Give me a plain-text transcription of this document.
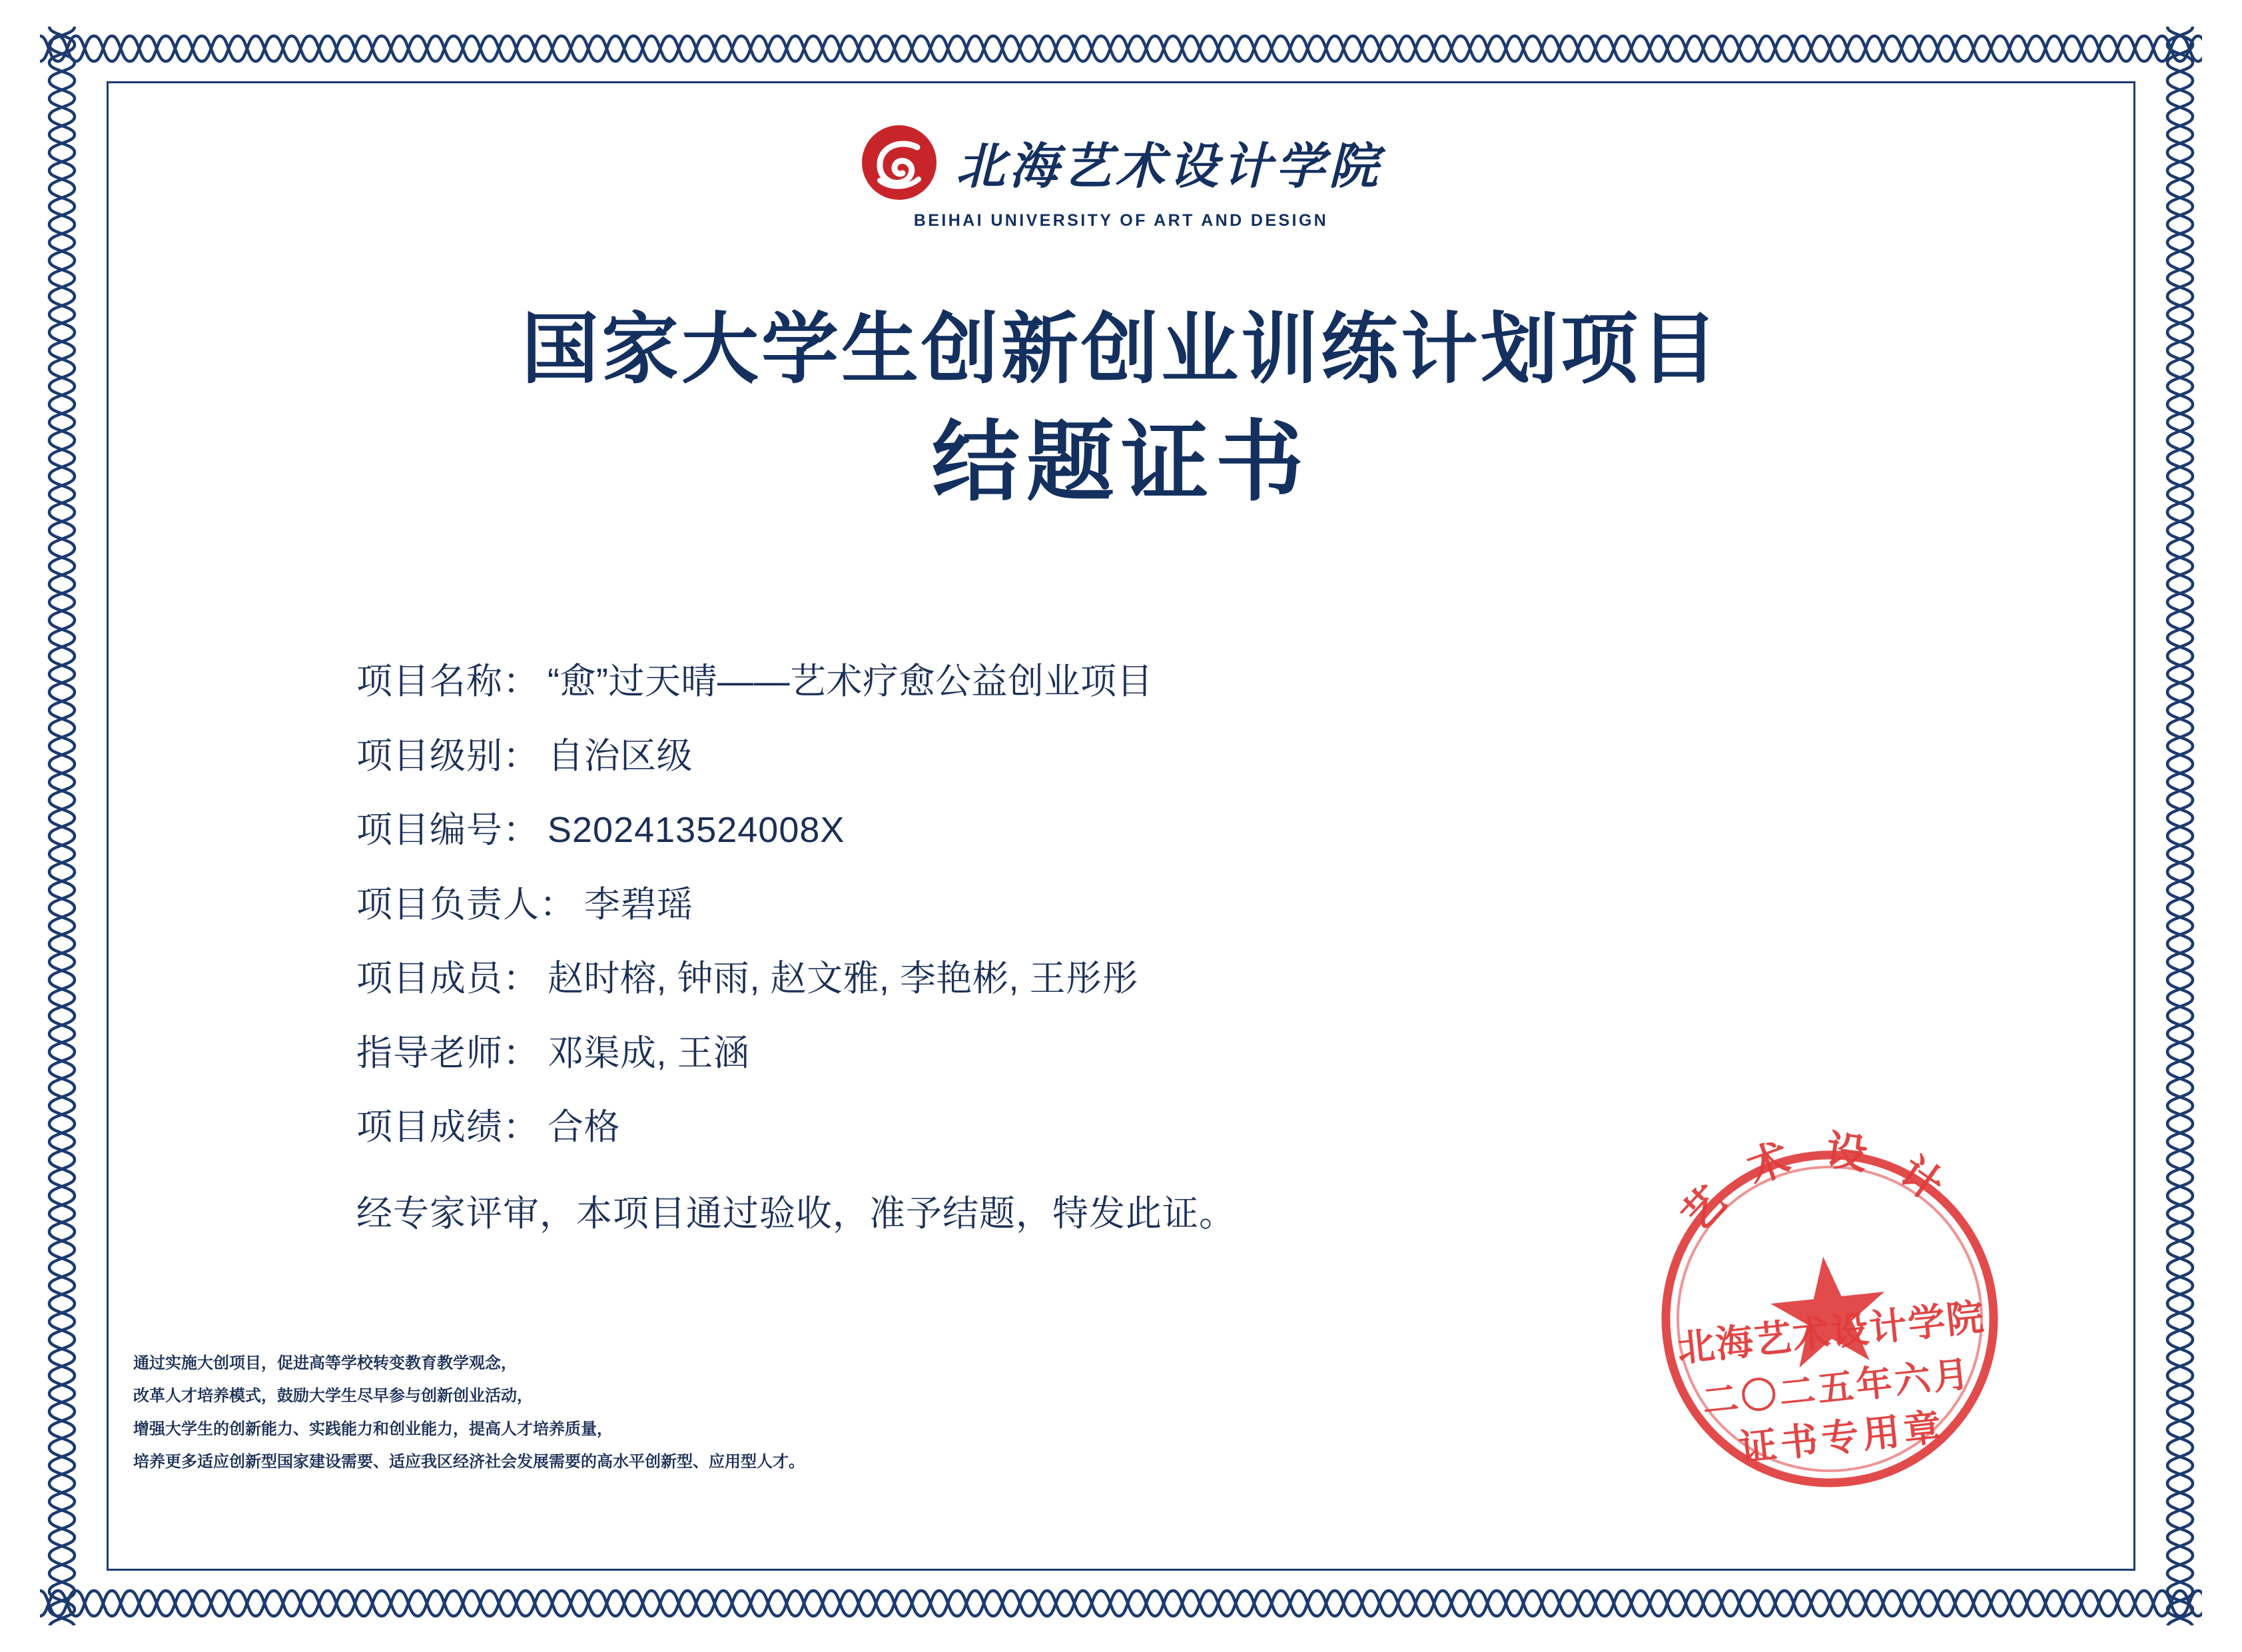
北海艺术设计学院
BEIHAI UNIVERSITY OF ART AND DESIGN
国家大学生创新创业训练计划项目
结题证书
项目名称： “愈”过天晴——艺术疗愈公益创业项目
项目级别： 自治区级
项目编号： S202413524008X
项目负责人： 李碧瑶
项目成员： 赵时榕, 钟雨, 赵文雅, 李艳彬, 王彤彤
指导老师： 邓渠成, 王涵
项目成绩： 合格
经专家评审，本项目通过验收，准予结题，特发此证。
通过实施大创项目，促进高等学校转变教育教学观念，
改革人才培养模式，鼓励大学生尽早参与创新创业活动，
增强大学生的创新能力、实践能力和创业能力，提高人才培养质量，
培养更多适应创新型国家建设需要、适应我区经济社会发展需要的高水平创新型、应用型人才。
艺 术 设 计
北海艺术设计学院
二〇二五年六月
证书专用章
